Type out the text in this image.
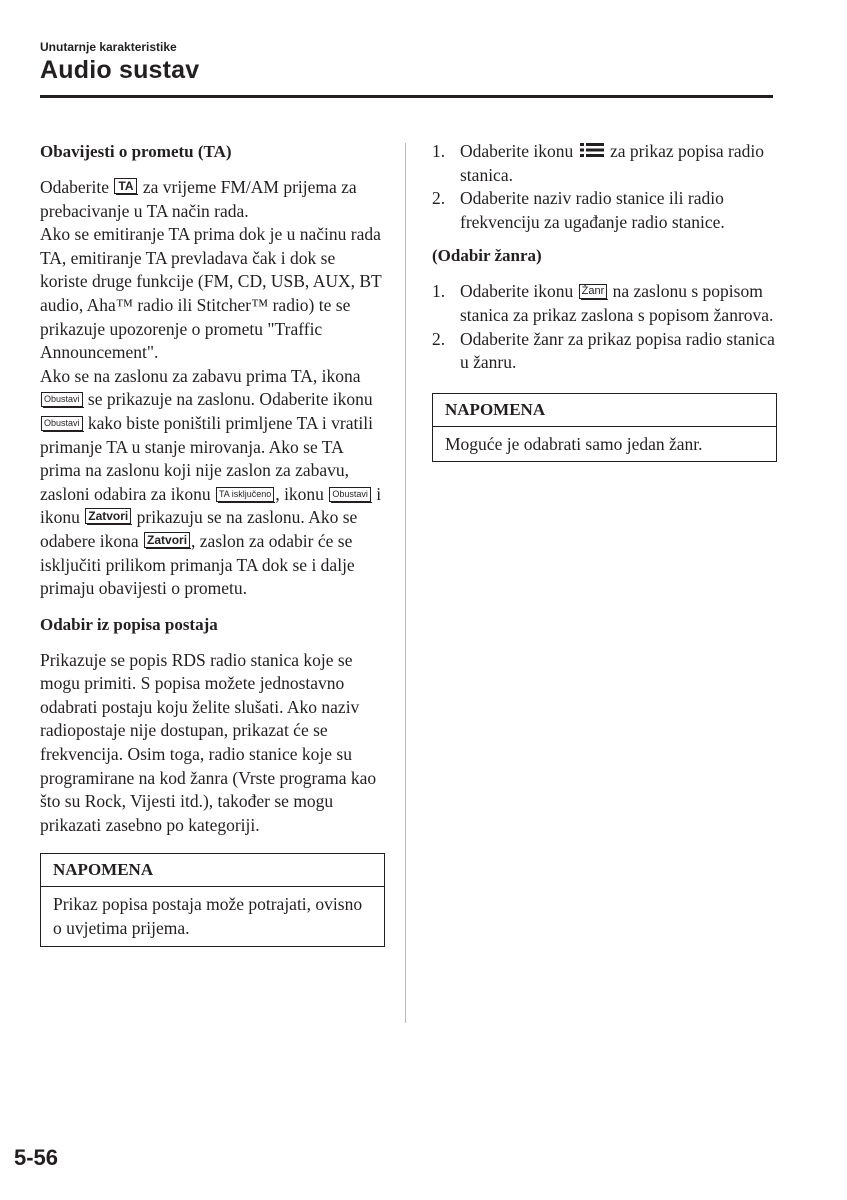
Unutarnje karakteristike
Audio sustav
Obavijesti o prometu (TA)

Odaberite TA za vrijeme FM/AM prijema za prebacivanje u TA način rada.

Ako se emitiranje TA prima dok je u načinu rada TA, emitiranje TA prevladava čak i dok se koriste druge funkcije (FM, CD, USB, AUX, BT audio, Aha™ radio ili Stitcher™ radio) te se prikazuje upozorenje o prometu "Traffic Announcement".

Ako se na zaslonu za zabavu prima TA, ikona Obustavi se prikazuje na zaslonu. Odaberite ikonu Obustavi kako biste poništili primljene TA i vratili primanje TA u stanje mirovanja. Ako se TA prima na zaslonu koji nije zaslon za zabavu, zasloni odabira za ikonu TA isključeno , ikonu Obustavi i ikonu Zatvori prikazuju se na zaslonu. Ako se odabere ikona Zatvori , zaslon za odabir će se isključiti prilikom primanja TA dok se i dalje primaju obavijesti o prometu.

Odabir iz popisa postaja

Prikazuje se popis RDS radio stanica koje se mogu primiti. S popisa možete jednostavno odabrati postaju koju želite slušati. Ako naziv radiopostaje nije dostupan, prikazat će se frekvencija. Osim toga, radio stanice koje su programirane na kod žanra (Vrste programa kao što su Rock, Vijesti itd.), također se mogu prikazati zasebno po kategoriji.

NAPOMENA
Prikaz popisa postaja može potrajati, ovisno o uvjetima prijema.
1. Odaberite ikonu za prikaz popisa radio stanica.
2. Odaberite naziv radio stanice ili radio frekvenciju za ugađanje radio stanice.
(Odabir žanra)
1. Odaberite ikonu Žanr na zaslonu s popisom stanica za prikaz zaslona s popisom žanrova.
2. Odaberite žanr za prikaz popisa radio stanica u žanru.
NAPOMENA
Moguće je odabrati samo jedan žanr.
5-56
